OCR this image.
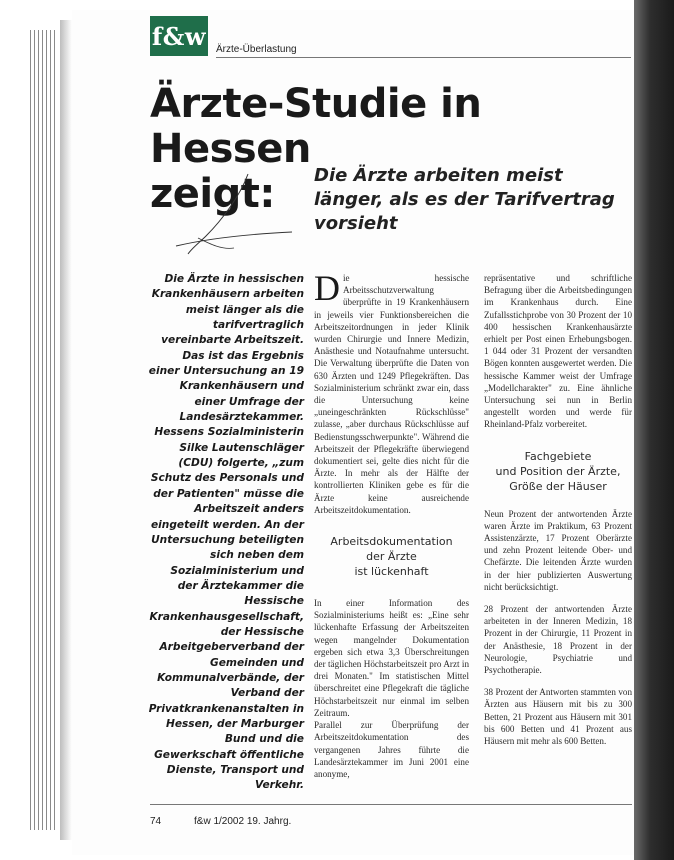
f&w Ärzte-Überlastung
Ärzte-Studie in Hessen
zeigt:	Die Ärzte arbeiten meist länger, als es der Tarifvertrag vorsieht

Die Ärzte in hessischen Krankenhäusern arbeiten meist länger als die tarifvertraglich vereinbarte Arbeitszeit. Das ist das Ergebnis einer Untersuchung an 19 Krankenhäusern und einer Umfrage der Landesärztekammer. Hessens Sozialministerin Silke Lautenschläger (CDU) folgerte, „zum Schutz des Personals und der Patienten" müsse die Arbeitszeit anders eingeteilt werden. An der Untersuchung beteiligten sich neben dem Sozialministerium und der Ärztekammer die Hessische Krankenhausgesellschaft, der Hessische Arbeitgeberverband der Gemeinden und Kommunalverbände, der Verband der Privatkrankenanstalten in Hessen, der Marburger Bund und die Gewerkschaft öffentliche Dienste, Transport und Verkehr.

Die hessische Arbeitsschutzverwaltung überprüfte in 19 Krankenhäusern in jeweils vier Funktionsbereichen die Arbeitszeitordnungen in jeder Klinik wurden Chirurgie und Innere Medizin, Anästhesie und Notaufnahme untersucht. Die Verwaltung überprüfte die Daten von 630 Ärzten und 1249 Pflegekräften. Das Sozialministerium schränkt zwar ein, dass die Untersuchung keine „uneingeschränkten Rückschlüsse" zulasse, „aber durchaus Rückschlüsse auf Bedienstungsschwerpunkte". Während die Arbeitszeit der Pflegekräfte überwiegend dokumentiert sei, gelte dies nicht für die Ärzte. In mehr als der Hälfte der kontrollierten Kliniken gebe es für die Ärzte keine ausreichende Arbeitszeitdokumentation.

Arbeitsdokumentation
der Ärzte
ist lückenhaft

In einer Information des Sozialministeriums heißt es: „Eine sehr lückenhafte Erfassung der Arbeitszeiten wegen mangelnder Dokumentation ergeben sich etwa 3,3 Überschreitungen der täglichen Höchstarbeitszeit pro Arzt in drei Monaten." Im statistischen Mittel überschreitet eine Pflegekraft die tägliche Höchstarbeitszeit nur einmal im selben Zeitraum.

Parallel zur Überprüfung der Arbeitszeitdokumentation des vergangenen Jahres führte die Landesärztekammer im Juni 2001 eine anonyme,

repräsentative und schriftliche Befragung über die Arbeitsbedingungen im Krankenhaus durch. Eine Zufallsstichprobe von 30 Prozent der 10 400 hessischen Krankenhausärzte erhielt per Post einen Erhebungsbogen. 1 044 oder 31 Prozent der versandten Bögen konnten ausgewertet werden. Die hessische Kammer weist der Umfrage „Modellcharakter" zu. Eine ähnliche Untersuchung sei nun in Berlin angestellt worden und werde für Rheinland-Pfalz vorbereitet.

Fachgebiete
und Position der Ärzte,
Größe der Häuser

Neun Prozent der antwortenden Ärzte waren Ärzte im Praktikum, 63 Prozent Assistenzärzte, 17 Prozent Oberärzte und zehn Prozent leitende Ober- und Chefärzte. Die leitenden Ärzte wurden in der hier publizierten Auswertung nicht berücksichtigt.

28 Prozent der antwortenden Ärzte arbeiteten in der Inneren Medizin, 18 Prozent in der Chirurgie, 11 Prozent in der Anästhesie, 18 Prozent in der Neurologie, Psychiatrie und Psychotherapie.

38 Prozent der Antworten stammten von Ärzten aus Häusern mit bis zu 300 Betten, 21 Prozent aus Häusern mit 301 bis 600 Betten und 41 Prozent aus Häusern mit mehr als 600 Betten.

74	f&w 1/2002 19. Jahrg.
